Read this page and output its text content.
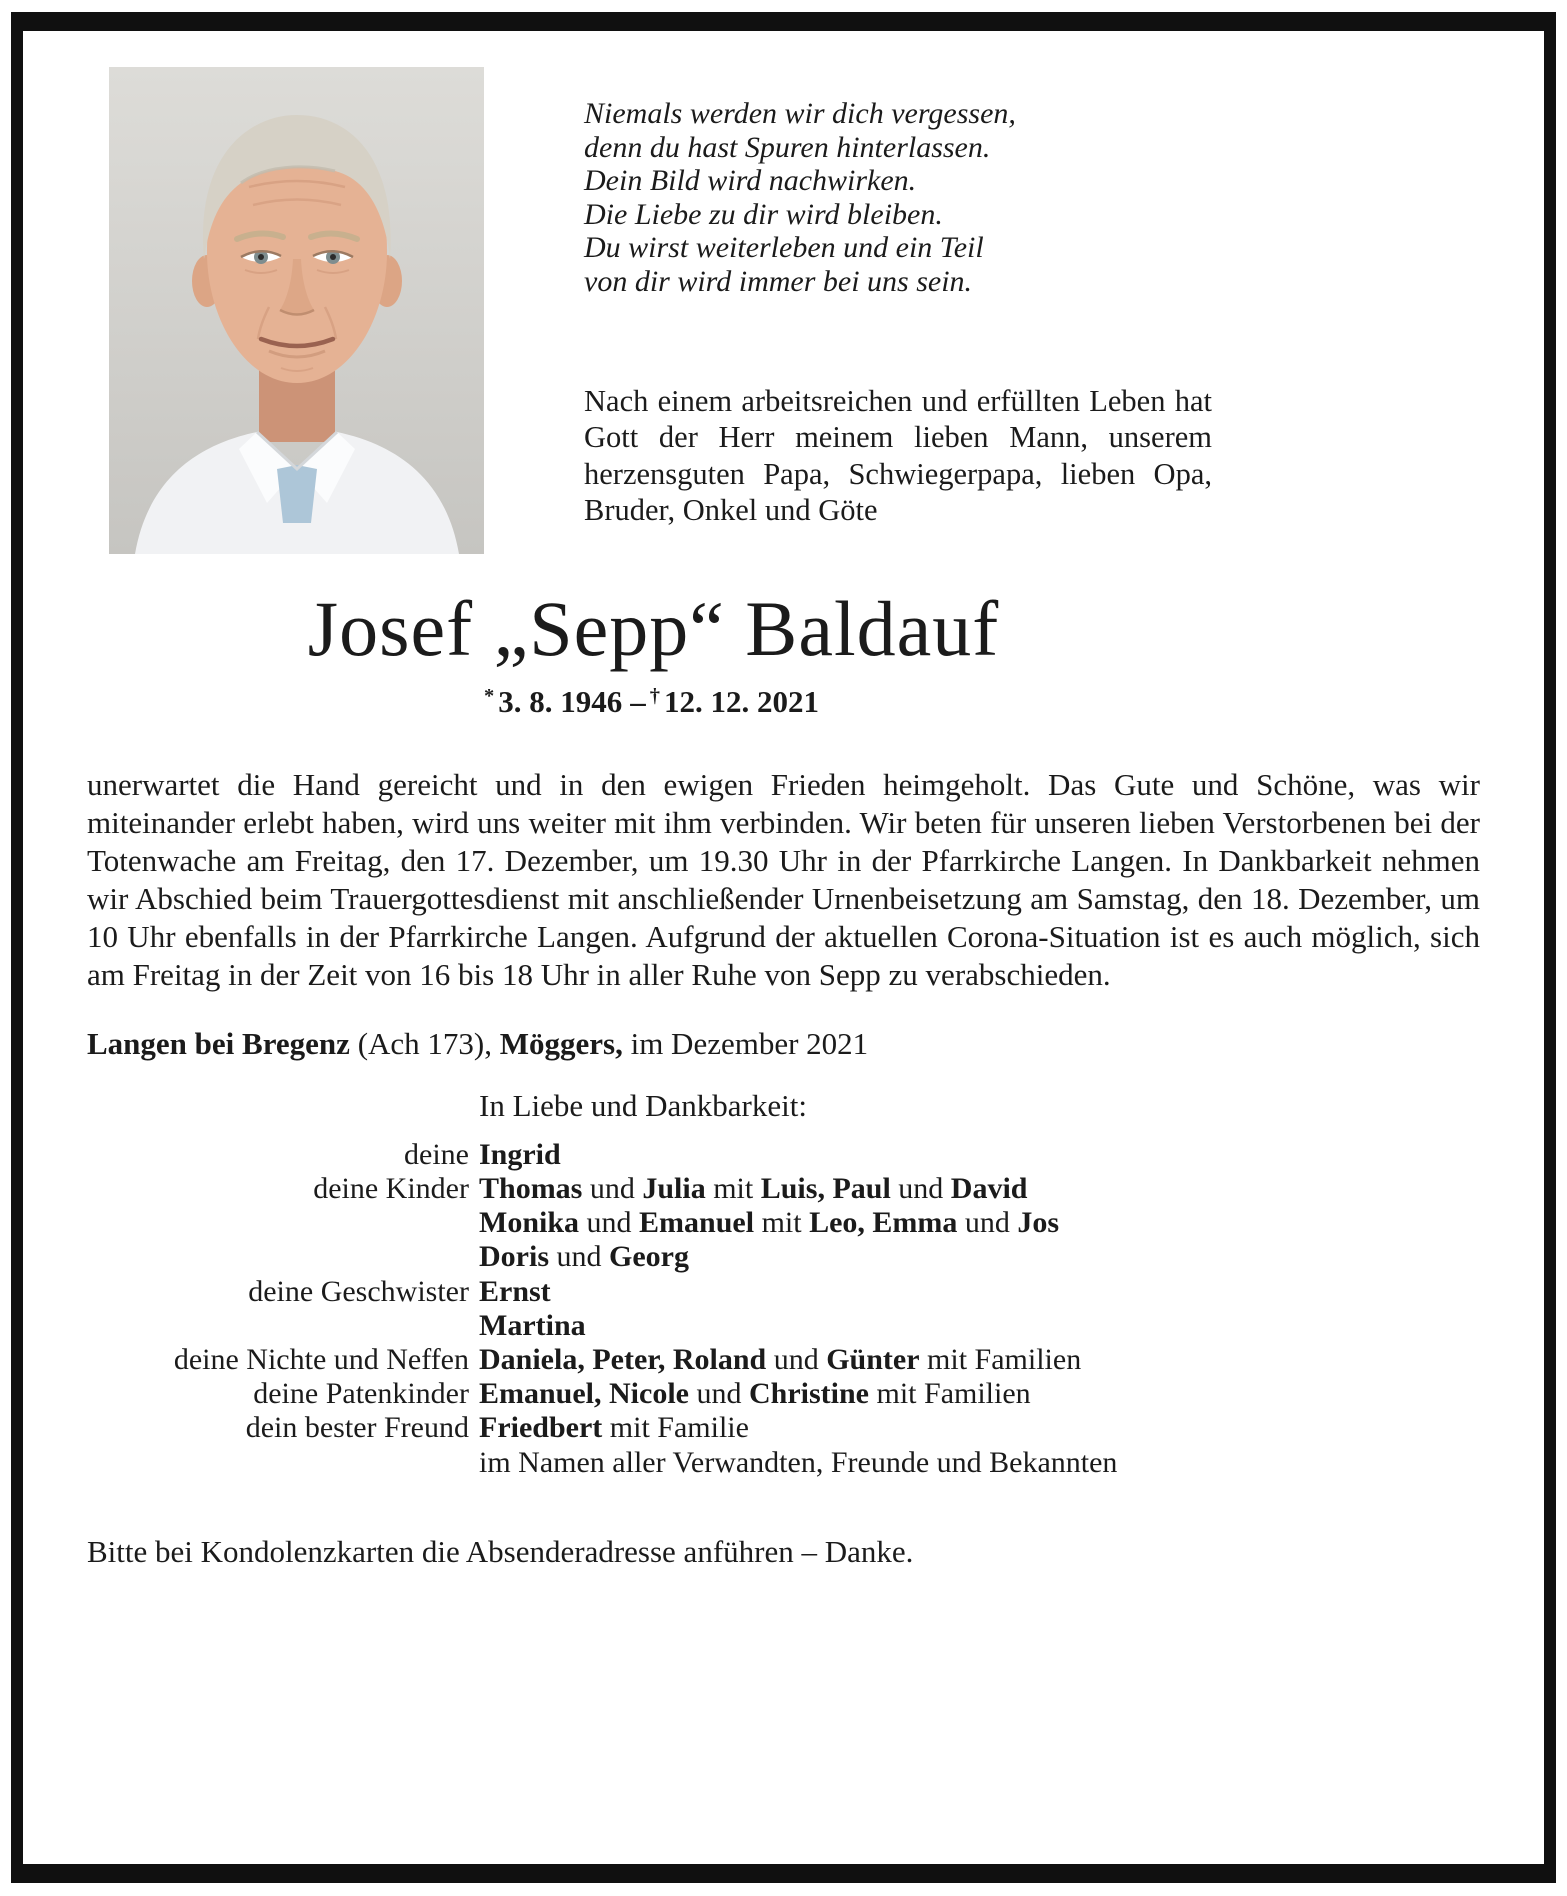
Niemals werden wir dich vergessen,
denn du hast Spuren hinterlassen.
Dein Bild wird nachwirken.
Die Liebe zu dir wird bleiben.
Du wirst weiterleben und ein Teil
von dir wird immer bei uns sein.

Nach einem arbeitsreichen und erfüllten Leben hat Gott der Herr meinem lieben Mann, unserem herzensguten Papa, Schwiegerpapa, lieben Opa, Bruder, Onkel und Göte

Josef „Sepp“ Baldauf
* 3. 8. 1946 – † 12. 12. 2021

unerwartet die Hand gereicht und in den ewigen Frieden heimgeholt. Das Gute und Schöne, was wir miteinander erlebt haben, wird uns weiter mit ihm verbinden. Wir beten für unseren lieben Verstorbenen bei der Totenwache am Freitag, den 17. Dezember, um 19.30 Uhr in der Pfarrkirche Langen. In Dankbarkeit nehmen wir Abschied beim Trauergottesdienst mit anschließender Urnenbeisetzung am Samstag, den 18. Dezember, um 10 Uhr ebenfalls in der Pfarrkirche Langen. Aufgrund der aktuellen Corona-Situation ist es auch möglich, sich am Freitag in der Zeit von 16 bis 18 Uhr in aller Ruhe von Sepp zu verabschieden.

Langen bei Bregenz (Ach 173), Möggers, im Dezember 2021

In Liebe und Dankbarkeit:

deine Ingrid
deine Kinder Thomas und Julia mit Luis, Paul und David
Monika und Emanuel mit Leo, Emma und Jos
Doris und Georg
deine Geschwister Ernst
Martina
deine Nichte und Neffen Daniela, Peter, Roland und Günter mit Familien
deine Patenkinder Emanuel, Nicole und Christine mit Familien
dein bester Freund Friedbert mit Familie
im Namen aller Verwandten, Freunde und Bekannten

Bitte bei Kondolenzkarten die Absenderadresse anführen – Danke.
